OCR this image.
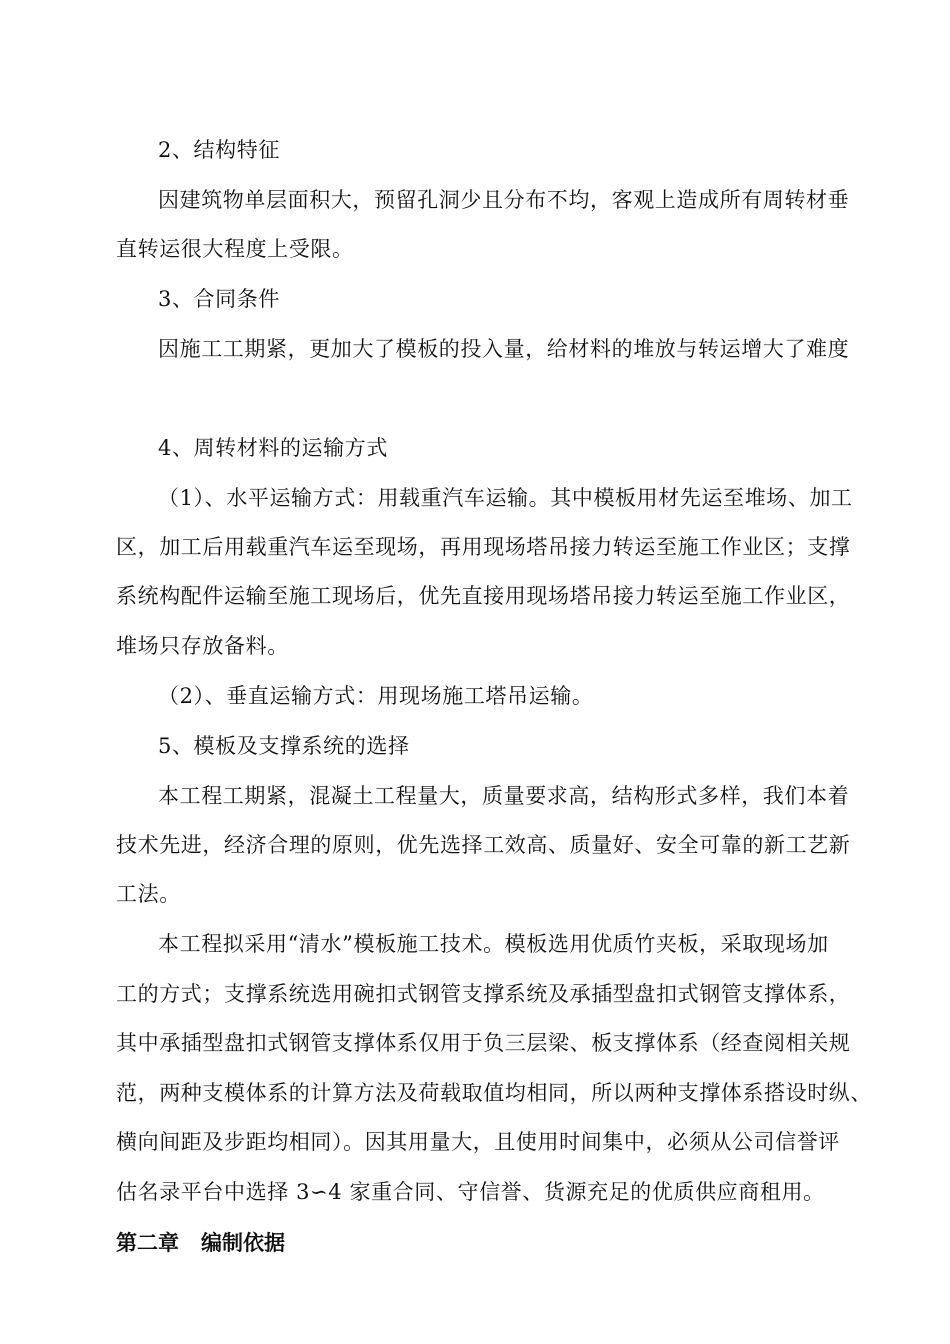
2、结构特征
因建筑物单层面积大，预留孔洞少且分布不均，客观上造成所有周转材垂
直转运很大程度上受限。
3、合同条件
因施工工期紧，更加大了模板的投入量，给材料的堆放与转运增大了难度
4、周转材料的运输方式
（1）、水平运输方式：用载重汽车运输。其中模板用材先运至堆场、加工
区，加工后用载重汽车运至现场，再用现场塔吊接力转运至施工作业区；支撑
系统构配件运输至施工现场后，优先直接用现场塔吊接力转运至施工作业区，
堆场只存放备料。
（2）、垂直运输方式：用现场施工塔吊运输。
5、模板及支撑系统的选择
本工程工期紧，混凝土工程量大，质量要求高，结构形式多样，我们本着
技术先进，经济合理的原则，优先选择工效高、质量好、安全可靠的新工艺新
工法。
本工程拟采用“清水”模板施工技术。模板选用优质竹夹板，采取现场加
工的方式；支撑系统选用碗扣式钢管支撑系统及承插型盘扣式钢管支撑体系，
其中承插型盘扣式钢管支撑体系仅用于负三层梁、板支撑体系（经查阅相关规
范，两种支模体系的计算方法及荷载取值均相同，所以两种支撑体系搭设时纵、
横向间距及步距均相同）。因其用量大，且使用时间集中，必须从公司信誉评
估名录平台中选择 3∽4 家重合同、守信誉、货源充足的优质供应商租用。
第二章 编制依据
